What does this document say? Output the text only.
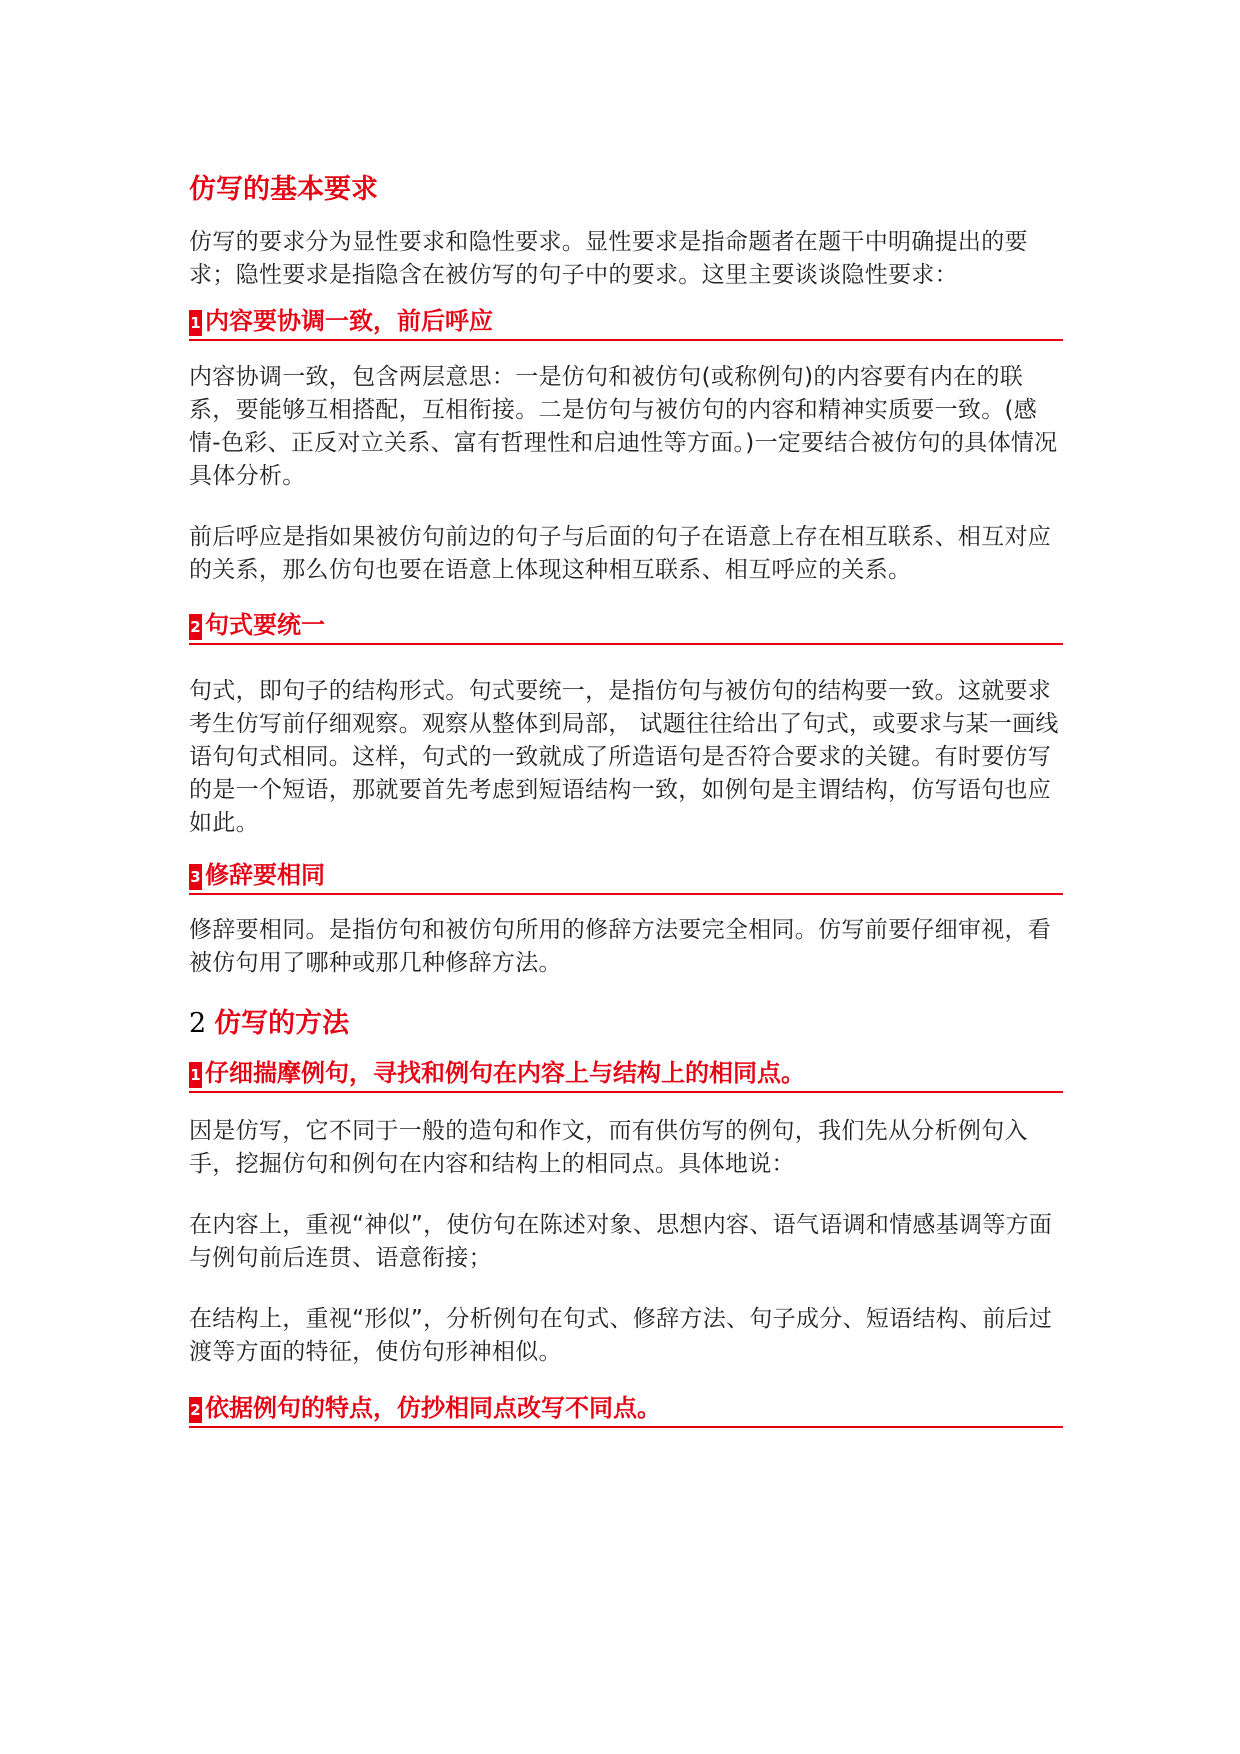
仿写的基本要求

仿写的要求分为显性要求和隐性要求。显性要求是指命题者在题干中明确提出的要求；隐性要求是指隐含在被仿写的句子中的要求。这里主要谈谈隐性要求：

1 内容要协调一致，前后呼应

内容协调一致，包含两层意思：一是仿句和被仿句(或称例句)的内容要有内在的联系，要能够互相搭配，互相衔接。二是仿句与被仿句的内容和精神实质要一致。(感情-色彩、正反对立关系、富有哲理性和启迪性等方面。)一定要结合被仿句的具体情况具体分析。

前后呼应是指如果被仿句前边的句子与后面的句子在语意上存在相互联系、相互对应的关系，那么仿句也要在语意上体现这种相互联系、相互呼应的关系。

2 句式要统一

句式，即句子的结构形式。句式要统一，是指仿句与被仿句的结构要一致。这就要求考生仿写前仔细观察。观察从整体到局部， 试题往往给出了句式，或要求与某一画线语句句式相同。这样，句式的一致就成了所造语句是否符合要求的关键。有时要仿写的是一个短语，那就要首先考虑到短语结构一致，如例句是主谓结构，仿写语句也应如此。

3 修辞要相同

修辞要相同。是指仿句和被仿句所用的修辞方法要完全相同。仿写前要仔细审视，看被仿句用了哪种或那几种修辞方法。

2 仿写的方法
1 仔细揣摩例句，寻找和例句在内容上与结构上的相同点。

因是仿写，它不同于一般的造句和作文，而有供仿写的例句，我们先从分析例句入手，挖掘仿句和例句在内容和结构上的相同点。具体地说：

在内容上，重视“神似”，使仿句在陈述对象、思想内容、语气语调和情感基调等方面与例句前后连贯、语意衔接；

在结构上，重视“形似”，分析例句在句式、修辞方法、句子成分、短语结构、前后过渡等方面的特征，使仿句形神相似。

2 依据例句的特点，仿抄相同点改写不同点。
